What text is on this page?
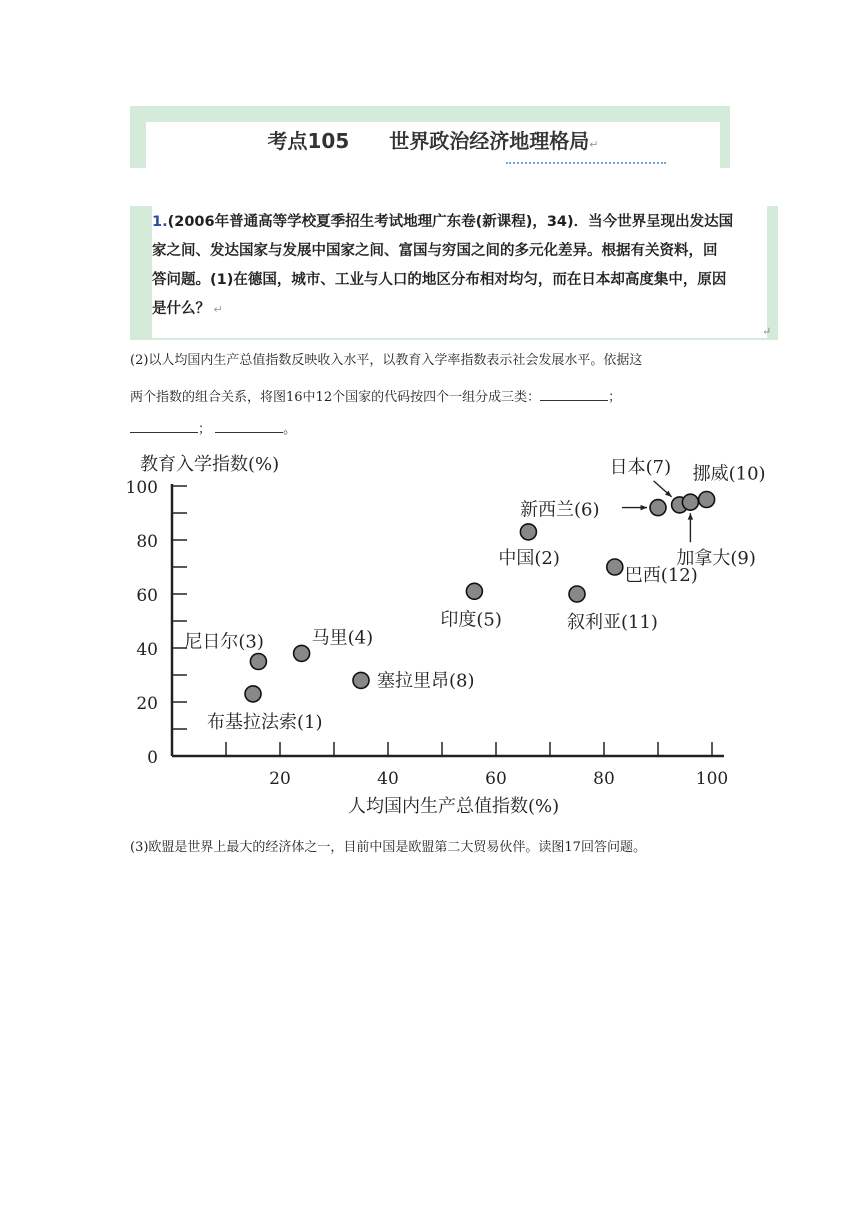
考点105　　世界政治经济地理格局↵
1.(2006年普通高等学校夏季招生考试地理广东卷(新课程)，34)．当今世界呈现出发达国
家之间、发达国家与发展中国家之间、富国与穷国之间的多元化差异。根据有关资料，回
答问题。(1)在德国，城市、工业与人口的地区分布相对均匀，而在日本却高度集中，原因
是什么？ ↵
↵
(2)以人均国内生产总值指数反映收入水平，以教育入学率指数表示社会发展水平。依据这
两个指数的组合关系，将图16中12个国家的代码按四个一组分成三类：	；
；	。
0
20
40
60
80
100
20	40	60	80	100
教育入学指数(%)
人均国内生产总值指数(%)
布基拉法索(1)
尼日尔(3)	马里(4)
塞拉里昂(8)
印度(5)
中国(2)
叙利亚(11)
巴西(12)
新西兰(6)
日本(7)
加拿大(9)
挪威(10)
(3)欧盟是世界上最大的经济体之一，目前中国是欧盟第二大贸易伙伴。读图17回答问题。
